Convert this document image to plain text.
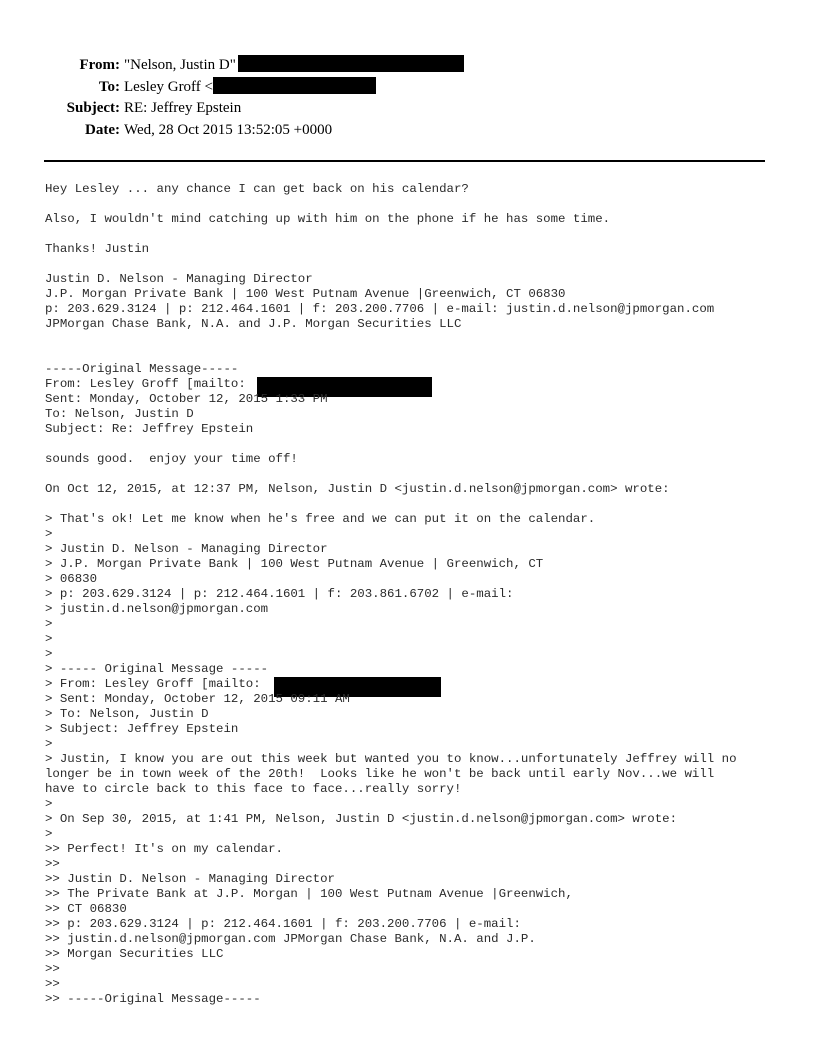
From: "Nelson, Justin D"
To: Lesley Groff <
Subject: RE: Jeffrey Epstein
Date: Wed, 28 Oct 2015 13:52:05 +0000
Hey Lesley ... any chance I can get back on his calendar?
Also, I wouldn't mind catching up with him on the phone if he has some time.
Thanks! Justin
Justin D. Nelson - Managing Director
J.P. Morgan Private Bank | 100 West Putnam Avenue |Greenwich, CT 06830
p: 203.629.3124 | p: 212.464.1601 | f: 203.200.7706 | e-mail: justin.d.nelson@jpmorgan.com
JPMorgan Chase Bank, N.A. and J.P. Morgan Securities LLC
-----Original Message-----
From: Lesley Groff [mailto:
Sent: Monday, October 12, 2015 1:33 PM
To: Nelson, Justin D
Subject: Re: Jeffrey Epstein
sounds good.  enjoy your time off!
On Oct 12, 2015, at 12:37 PM, Nelson, Justin D <justin.d.nelson@jpmorgan.com> wrote:
> That's ok! Let me know when he's free and we can put it on the calendar.
>
> Justin D. Nelson - Managing Director
> J.P. Morgan Private Bank | 100 West Putnam Avenue | Greenwich, CT
> 06830
> p: 203.629.3124 | p: 212.464.1601 | f: 203.861.6702 | e-mail:
> justin.d.nelson@jpmorgan.com
>
>
>
> ----- Original Message -----
> From: Lesley Groff [mailto:
> Sent: Monday, October 12, 2015 09:11 AM
> To: Nelson, Justin D
> Subject: Jeffrey Epstein
>
> Justin, I know you are out this week but wanted you to know...unfortunately Jeffrey will no
longer be in town week of the 20th!  Looks like he won't be back until early Nov...we will
have to circle back to this face to face...really sorry!
>
> On Sep 30, 2015, at 1:41 PM, Nelson, Justin D <justin.d.nelson@jpmorgan.com> wrote:
>
>> Perfect! It's on my calendar.
>>
>> Justin D. Nelson - Managing Director
>> The Private Bank at J.P. Morgan | 100 West Putnam Avenue |Greenwich,
>> CT 06830
>> p: 203.629.3124 | p: 212.464.1601 | f: 203.200.7706 | e-mail:
>> justin.d.nelson@jpmorgan.com JPMorgan Chase Bank, N.A. and J.P.
>> Morgan Securities LLC
>>
>>
>> -----Original Message-----
